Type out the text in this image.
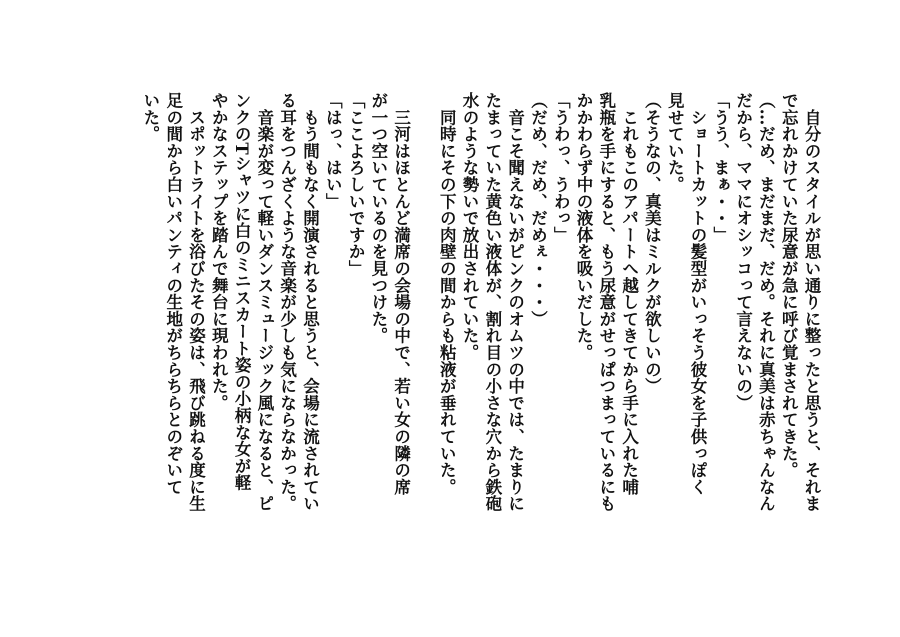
　自分のスタイルが思い通りに整ったと思うと、それま
で忘れかけていた尿意が急に呼び覚まされてきた。
（…だめ、まだまだ、だめ。それに真美は赤ちゃんなん
だから、ママにオシッコって言えないの）
「うう、まぁ・・」
　ショートカットの髪型がいっそう彼女を子供っぽく
見せていた。
（そうなの、真美はミルクが欲しいの）
　これもこのアパートへ越してきてから手に入れた哺
乳瓶を手にすると、もう尿意がせっぱつまっているにも
かかわらず中の液体を吸いだした。
「うわっ、うわっ」
（だめ、だめ、だめぇ・・・）
　音こそ聞えないがピンクのオムツの中では、たまりに
たまっていた黄色い液体が、割れ目の小さな穴から鉄砲
水のような勢いで放出されていた。
　同時にその下の肉壁の間からも粘液が垂れていた。
　三河はほとんど満席の会場の中で、若い女の隣の席
が一つ空いているのを見つけた。
「ここよろしいですか」
「はっ、はい」
　もう間もなく開演されると思うと、会場に流されてい
る耳をつんざくような音楽が少しも気にならなかった。
　音楽が変って軽いダンスミュージック風になると、ピ
ンクのTシャツに白のミニスカート姿の小柄な女が軽
やかなステップを踏んで舞台に現われた。
　スポットライトを浴びたその姿は、飛び跳ねる度に生
足の間から白いパンティの生地がちらちらとのぞいて
いた。
